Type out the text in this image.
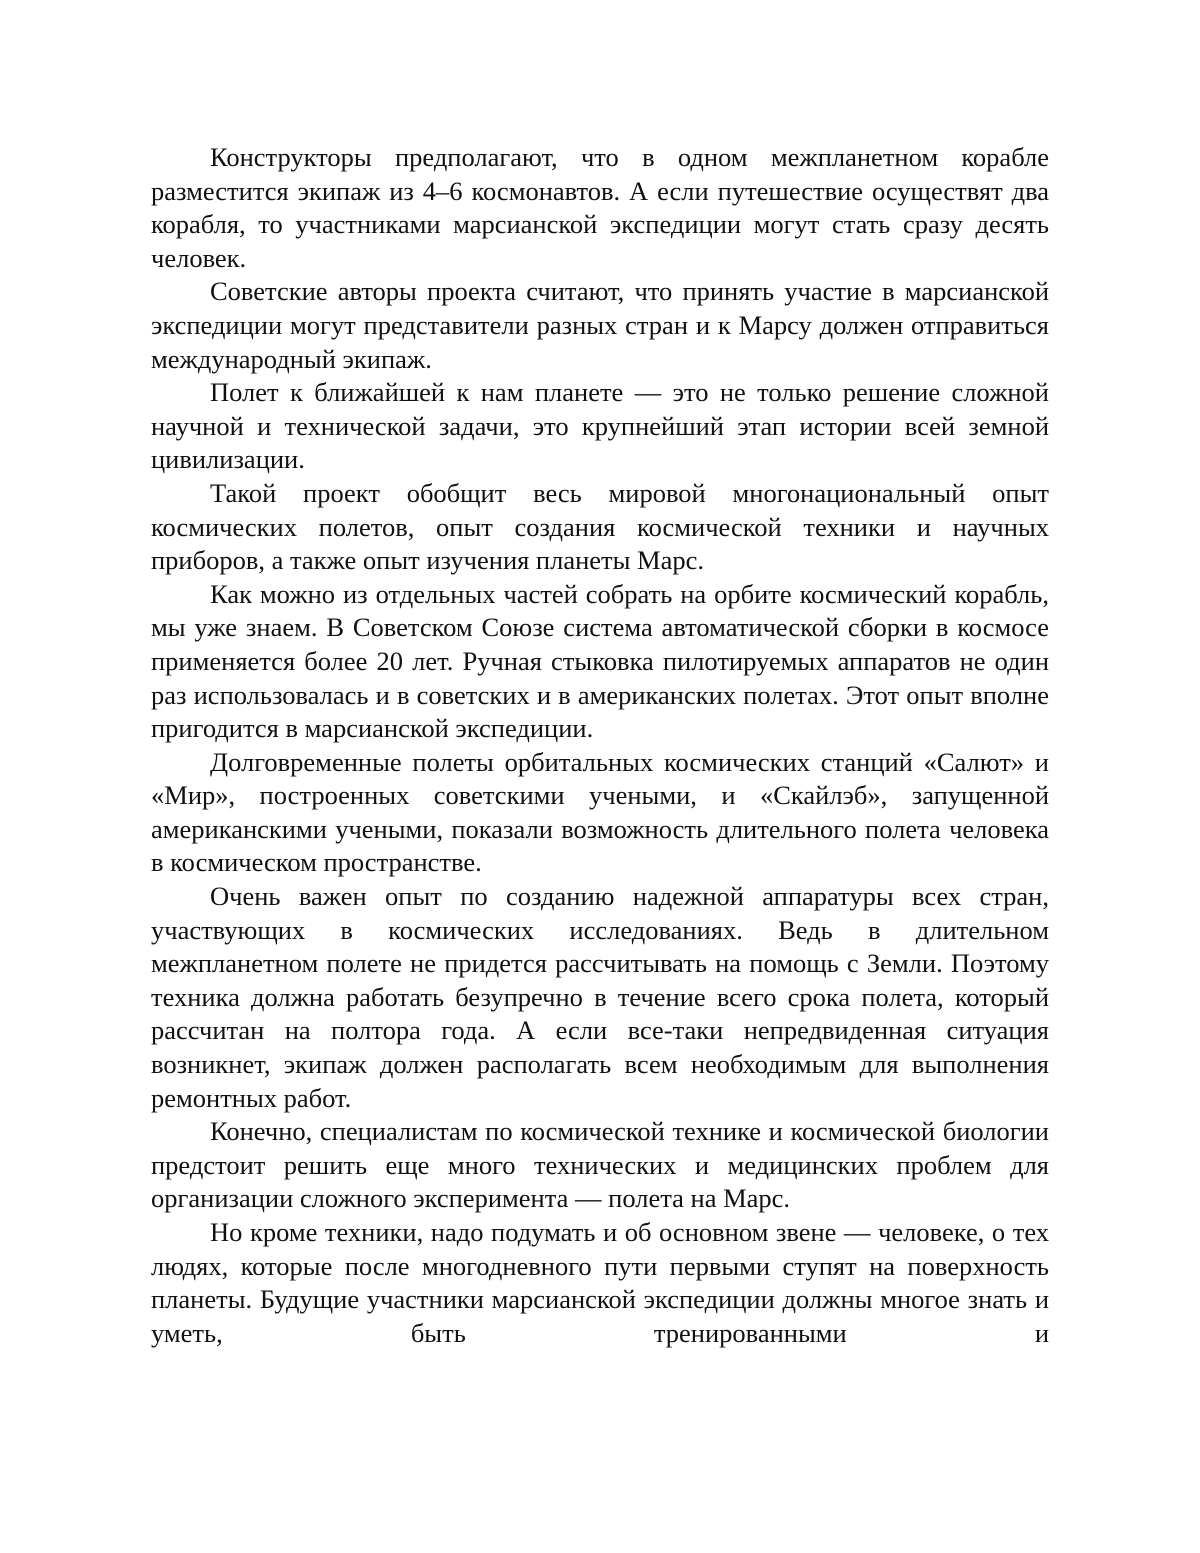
Конструкторы предполагают, что в одном межпланетном корабле разместится экипаж из 4–6 космонавтов. А если путешествие осуществят два корабля, то участниками марсианской экспедиции могут стать сразу десять человек.

Советские авторы проекта считают, что принять участие в марсианской экспедиции могут представители разных стран и к Марсу должен отправиться международный экипаж.

Полет к ближайшей к нам планете — это не только решение сложной научной и технической задачи, это крупнейший этап истории всей земной цивилизации.

Такой проект обобщит весь мировой многонациональный опыт космических полетов, опыт создания космической техники и научных приборов, а также опыт изучения планеты Марс.

Как можно из отдельных частей собрать на орбите космический корабль, мы уже знаем. В Советском Союзе система автоматической сборки в космосе применяется более 20 лет. Ручная стыковка пилотируемых аппаратов не один раз использовалась и в советских и в американских полетах. Этот опыт вполне пригодится в марсианской экспедиции.

Долговременные полеты орбитальных космических станций «Салют» и «Мир», построенных советскими учеными, и «Скайлэб», запущенной американскими учеными, показали возможность длительного полета человека в космическом пространстве.

Очень важен опыт по созданию надежной аппаратуры всех стран, участвующих в космических исследованиях. Ведь в длительном межпланетном полете не придется рассчитывать на помощь с Земли. Поэтому техника должна работать безупречно в течение всего срока полета, который рассчитан на полтора года. А если все-таки непредвиденная ситуация возникнет, экипаж должен располагать всем необходимым для выполнения ремонтных работ.

Конечно, специалистам по космической технике и космической биологии предстоит решить еще много технических и медицинских проблем для организации сложного эксперимента — полета на Марс.

Но кроме техники, надо подумать и об основном звене — человеке, о тех людях, которые после многодневного пути первыми ступят на поверхность планеты. Будущие участники марсианской экспедиции должны многое знать и уметь, быть тренированными и
